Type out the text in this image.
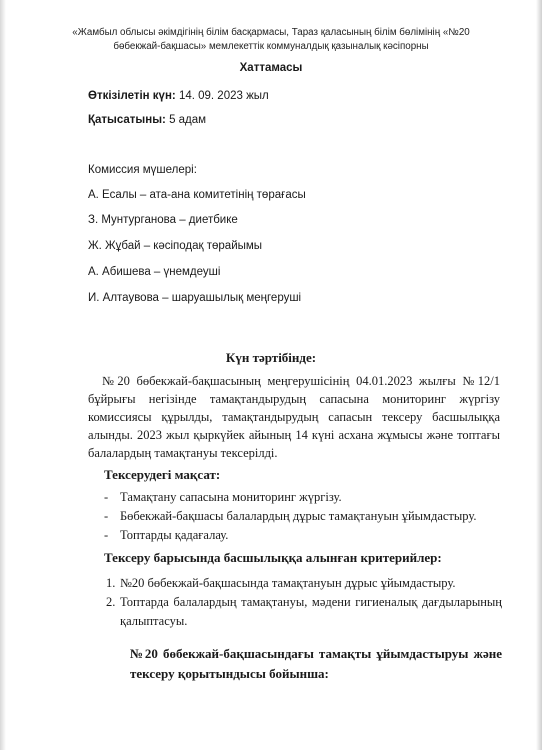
«Жамбыл облысы әкімдігінің білім басқармасы, Тараз қаласының білім бөлімінің «№20
бөбекжай-бақшасы» мемлекеттік коммуналдық қазыналық кәсіпорны
Хаттамасы
Өткізілетін күн: 14. 09. 2023 жыл
Қатысатыны: 5 адам
Комиссия мүшелері:
А. Есалы – ата-ана комитетінің төрағасы
З. Мунтурганова – диетбике
Ж. Жұбай – кәсіподақ төрайымы
А. Абишева – үнемдеуші
И. Алтаувова – шаруашылық меңгеруші
Күн тәртібінде:
№20 бөбекжай-бақшасының меңгерушісінің 04.01.2023 жылғы №12/1
бұйрығы негізінде тамақтандырудың сапасына мониторинг жүргізу
комиссиясы құрылды, тамақтандырудың сапасын тексеру басшылыққа
алынды. 2023 жыл қыркүйек айының 14 күні асхана жұмысы және топтағы
балалардың тамақтануы тексерілді.
Тексерудегі мақсат:
- Тамақтану сапасына мониторинг жүргізу.
- Бөбекжай-бақшасы балалардың дұрыс тамақтануын ұйымдастыру.
- Топтарды қадағалау.
Тексеру барысында басшылыққа алынған критерийлер:
1. №20 бөбекжай-бақшасында тамақтануын дұрыс ұйымдастыру.
2. Топтарда балалардың тамақтануы, мәдени гигиеналық дағдыларының
қалыптасуы.
№20 бөбекжай-бақшасындағы тамақты ұйымдастыруы және
тексеру қорытындысы бойынша:
